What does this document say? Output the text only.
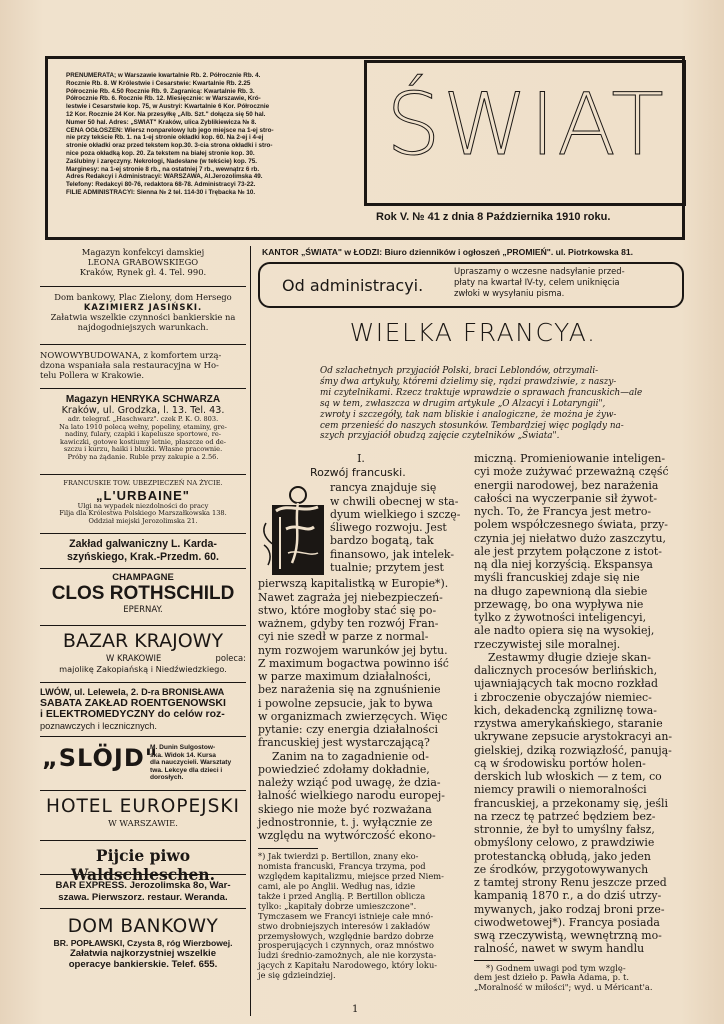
PRENUMERATA; w Warszawie kwartalnie Rb. 2. Półrocznie Rb. 4.
Rocznie Rb. 8. W Królestwie i Cesarstwie: Kwartalnie Rb. 2.25
Półrocznie Rb. 4.50 Rocznie Rb. 9. Zagranicą: Kwartalnie Rb. 3.
Półrocznie Rb. 6. Rocznie Rb. 12. Miesięcznie: w Warszawie, Kró-
lestwie i Cesarstwie kop. 75, w Austryi: Kwartalnie 6 Kor. Półrocznie
12 Kor. Rocznie 24 Kor. Na przesyłkę „Alb. Szt." dołącza się 50 hal.
Numer 50 hal. Adres: „ŚWIAT" Kraków, ulica Zyblikiewicza № 8.
CENA OGŁOSZEŃ: Wiersz nonparelowy lub jego miejsce na 1-ej stro-
nie przy tekście Rb. 1. na 1-ej stronie okładki kop. 60. Na 2-ej i 4-ej
stronie okładki oraz przed tekstem kop.30. 3-cia strona okładki i stro-
nice poza okładką kop. 20. Za tekstem na białej stronie kop. 30.
Zaślubiny i zaręczyny. Nekrologi, Nadesłane (w tekście) kop. 75.
Marginesy: na 1-ej stronie 8 rb., na ostatniej 7 rb., wewnątrz 6 rb.
Adres Redakcyi i Administracyi: WARSZAWA, Al.Jerozolimska 49.
Telefony: Redakcyi 80-76, redaktora 68-78. Administracyi 73-22.
FILIE ADMINISTRACYI: Sienna № 2 tel. 114-30 i Trębacka № 10.
ŚWIAT
Rok V. № 41 z dnia 8 Października 1910 roku.
Magazyn konfekcyi damskiej
LEONA GRABOWSKIEGO
Kraków, Rynek gł. 4. Tel. 990.
Dom bankowy, Plac Zielony, dom Hersego
KAZIMIERZ JASIŃSKI.
Załatwia wszelkie czynności bankierskie na
najdogodniejszych warunkach.
NOWOWYBUDOWANA, z komfortem urzą-
dzona wspaniała sala restauracyjna w Ho-
telu Pollera w Krakowie.
Magazyn HENRYKA SCHWARZA
Kraków, ul. Grodzka, l. 13. Tel. 43.
adr. telegraf. „Haschwarz". czek P. K. O. 803.
Na lato 1910 polecą wełny, popeliny, etaminy, gre-
nadiny, fulary, czapki i kapelusze sportowe, re-
kawiczki, gotowe kostiumy letnie, płaszcze od de-
szczu i kurzu, haiki i bluzki. Własne pracownie.
Próby na żądanie. Ruble przy zakupie a 2.56.
FRANCUSKIE TOW. UBEZPIECZEŃ NA ŻYCIE.
„L'URBAINE"
Ulgi na wypadek niezdolności do pracy
Filja dla Królestwa Polskiego Marszałkowska 138.
Oddział miejski Jerozolimska 21.
Zakład galwaniczny L. Karda-
szyńskiego, Krak.-Przedm. 60.
CHAMPAGNE
CLOS ROTHSCHILD
EPERNAY.
BAZAR KRAJOWY
W KRAKOWIE	poleca:
majolikę Zakopiańską i Niedźwiedzkiego.
LWÓW, ul. Lelewela, 2. D-ra BRONISŁAWA
SABATA ZAKŁAD ROENTGENOWSKI
i ELEKTROMEDYCZNY do celów roz-
poznawczych i lecznicznych.
„SLÖJD"
M. Dunin Sulgostow-
ska. Widok 14. Kursa
dla nauczycieli. Warsztaty
twa. Lekcye dla dzieci i
dorosłych.
HOTEL EUROPEJSKI
W WARSZAWIE.
Pijcie piwo Waldschleschen.
BAR EXPRESS. Jerozolimska 8o, War-
szawa. Pierwszorz. restaur. Weranda.
DOM BANKOWY
BR. POPŁAWSKI, Czysta 8, róg Wierzbowej.
Załatwia najkorzystniej wszelkie
operacye bankierskie. Telef. 655.
KANTOR „ŚWIATA" w ŁODZI: Biuro dzienników i ogłoszeń „PROMIEŃ". ul. Piotrkowska 81.
Od administracyi.
Upraszamy o wczesne nadsyłanie przed-
płaty na kwartał IV-ty, celem uniknięcia
zwłoki w wysyłaniu pisma.
WIELKA FRANCYA.
Od szlachetnych przyjaciół Polski, braci Leblondów, otrzymali-
śmy dwa artykuły, któremi dzielimy się, rądzi prawdziwie, z naszy-
mi czytelnikami. Rzecz traktuje wprawdzie o sprawach francuskich—ale
są w tem, zwłaszcza w drugim artykule „O Alzacyi i Lotaryngii",
zwroty i szczegóły, tak nam bliskie i analogiczne, że można je żyw-
cem przenieść do naszych stosunków. Tembardziej więc poglądy na-
szych przyjaciół obudzą zajęcie czytelników „Świata".
I.
Rozwój francuski.
rancya znajduje się
w chwili obecnej w sta-
dyum wielkiego i szczę-
śliwego rozwoju. Jest
bardzo bogatą, tak
finansowo, jak intelek-
tualnie; przytem jest
pierwszą kapitalistką w Europie*).
Nawet zagraża jej niebezpieczeń-
stwo, które mogłoby stać się po-
ważnem, gdyby ten rozwój Fran-
cyi nie szedł w parze z normal-
nym rozwojem warunków jej bytu.
Z maximum bogactwa powinno iść
w parze maximum działalności,
bez narażenia się na zgnuśnienie
i powolne zepsucie, jak to bywa
w organizmach zwierzęcych. Więc
pytanie: czy energia działalności
francuskiej jest wystarczającą?
Zanim na to zagadnienie od-
powiedzieć zdołamy dokładnie,
należy wziąć pod uwagę, że dzia-
łalność wielkiego narodu europej-
skiego nie może być rozważana
jednostronnie, t. j. wyłącznie ze
względu na wytwórczość ekono-
*) Jak twierdzi p. Bertillon, znany eko-
nomista francuski, Francya trzyma, pod
względem kapitalizmu, miejsce przed Niem-
cami, ale po Anglii. Według nas, idzie
także i przed Anglią. P. Bertillon oblicza
tylko: „kapitały dobrze umieszczone".
Tymczasem we Francyi istnieje całe mnó-
stwo drobniejszych interesów i zakładów
przemysłowych, względnie bardzo dobrze
prosperujących i czynnych, oraz mnóstwo
ludzi średnio-zamożnych, ale nie korzysta-
jących z Kapitału Narodowego, który loku-
je się gdzieindziej.
miczną. Promieniowanie inteligen-
cyi może zużywać przeważną część
energii narodowej, bez narażenia
całości na wyczerpanie sił żywot-
nych. To, że Francya jest metro-
polem współczesnego świata, przy-
czynia jej niełatwo dużo zaszczytu,
ale jest przytem połączone z istot-
ną dla niej korzyścią. Ekspansya
myśli francuskiej zdaje się nie
na długo zapewnioną dla siebie
przewagę, bo ona wypływa nie
tylko z żywotności inteligencyi,
ale nadto opiera się na wysokiej,
rzeczywistej sile moralnej.
Zestawmy długie dzieje skan-
dalicznych procesów berlińskich,
ujawniających tak mocno rozkład
i zbroczenie obyczajów niemiec-
kich, dekadencką zgniliznę towa-
rzystwa amerykańskiego, staranie
ukrywane zepsucie arystokracyi an-
gielskiej, dziką rozwiązłość, panują-
cą w środowisku portów holen-
derskich lub włoskich — z tem, co
niemcy prawili o niemoralności
francuskiej, a przekonamy się, jeśli
na rzecz tę patrzeć będziem bez-
stronnie, że był to umyślny fałsz,
obmyślony celowo, z prawdziwie
protestancką obłudą, jako jeden
ze środków, przygotowywanych
z tamtej strony Renu jeszcze przed
kampanią 1870 r., a do dziś utrzy-
mywanych, jako rodzaj broni prze-
ciwodwetowej*). Francya posiada
swą rzeczywistą, wewnętrzną mo-
ralność, nawet w swym handlu
*) Godnem uwagi pod tym wzglę-
dem jest dzieło p. Pawła Adama, p. t.
„Moralność w miłości"; wyd. u Méricant'a.
1
